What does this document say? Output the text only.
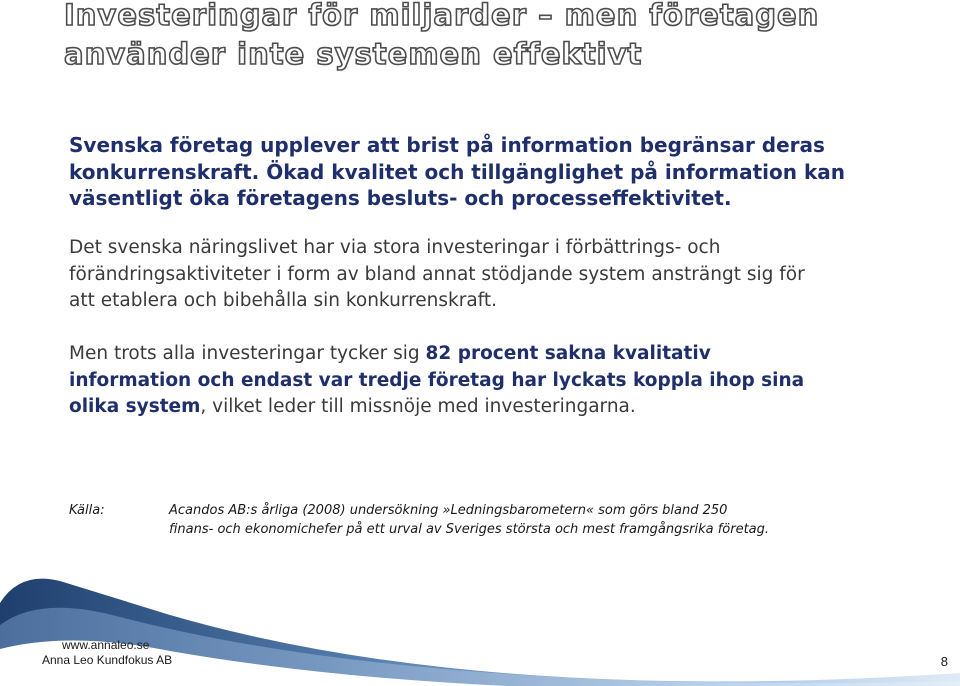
Investeringar för miljarder – men företagen
använder inte systemen effektivt

Svenska företag upplever att brist på information begränsar deras
konkurrenskraft. Ökad kvalitet och tillgänglighet på information kan
väsentligt öka företagens besluts- och processeffektivitet.

Det svenska näringslivet har via stora investeringar i förbättrings- och
förändringsaktiviteter i form av bland annat stödjande system ansträngt sig för
att etablera och bibehålla sin konkurrenskraft.

Men trots alla investeringar tycker sig 82 procent sakna kvalitativ
information och endast var tredje företag har lyckats koppla ihop sina
olika system, vilket leder till missnöje med investeringarna.

Källa:	Acandos AB:s årliga (2008) undersökning »Ledningsbarometern« som görs bland 250
finans- och ekonomichefer på ett urval av Sveriges största och mest framgångsrika företag.
www.annaleo.se
Anna Leo Kundfokus AB	8
